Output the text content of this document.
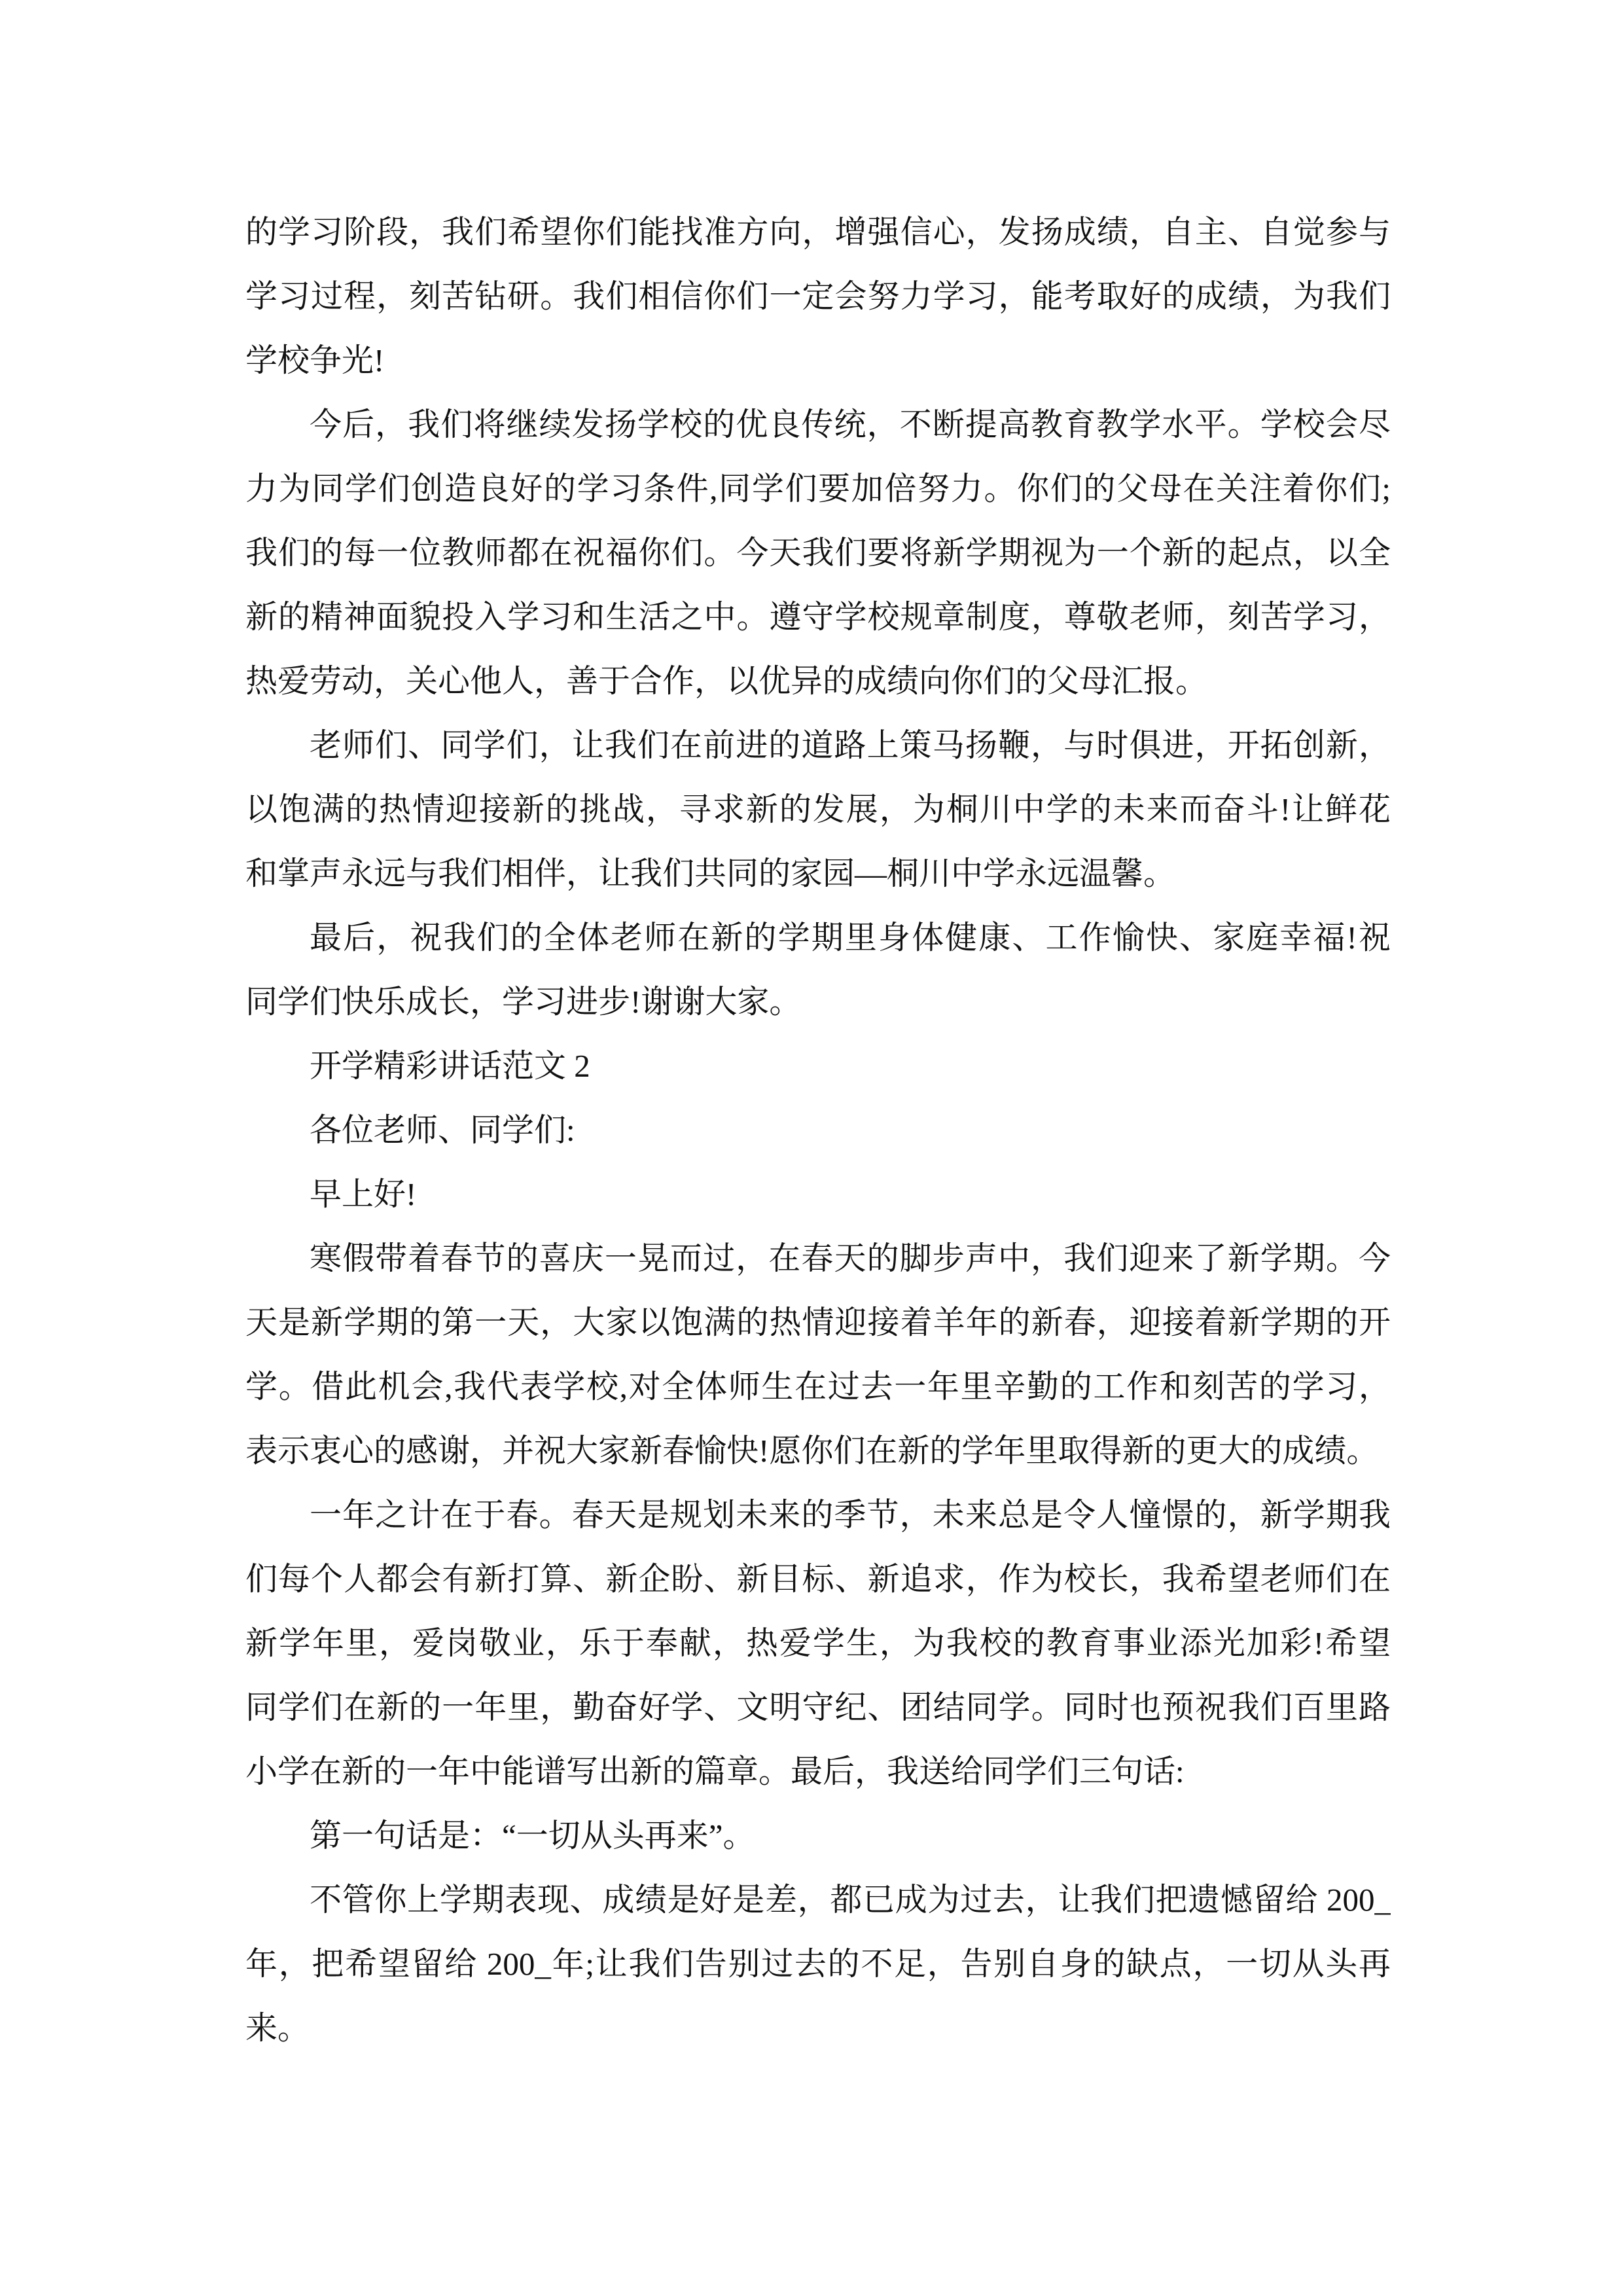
的学习阶段，我们希望你们能找准方向，增强信心，发扬成绩，自主、自觉参与
学习过程，刻苦钻研。我们相信你们一定会努力学习，能考取好的成绩，为我们
学校争光!
今后，我们将继续发扬学校的优良传统，不断提高教育教学水平。学校会尽
力为同学们创造良好的学习条件,同学们要加倍努力。你们的父母在关注着你们;
我们的每一位教师都在祝福你们。今天我们要将新学期视为一个新的起点，以全
新的精神面貌投入学习和生活之中。遵守学校规章制度，尊敬老师，刻苦学习，
热爱劳动，关心他人，善于合作，以优异的成绩向你们的父母汇报。
老师们、同学们，让我们在前进的道路上策马扬鞭，与时俱进，开拓创新，
以饱满的热情迎接新的挑战，寻求新的发展，为桐川中学的未来而奋斗!让鲜花
和掌声永远与我们相伴，让我们共同的家园—桐川中学永远温馨。
最后，祝我们的全体老师在新的学期里身体健康、工作愉快、家庭幸福!祝
同学们快乐成长，学习进步!谢谢大家。
开学精彩讲话范文 2
各位老师、同学们:
早上好!
寒假带着春节的喜庆一晃而过，在春天的脚步声中，我们迎来了新学期。今
天是新学期的第一天，大家以饱满的热情迎接着羊年的新春，迎接着新学期的开
学。借此机会,我代表学校,对全体师生在过去一年里辛勤的工作和刻苦的学习，
表示衷心的感谢，并祝大家新春愉快!愿你们在新的学年里取得新的更大的成绩。
一年之计在于春。春天是规划未来的季节，未来总是令人憧憬的，新学期我
们每个人都会有新打算、新企盼、新目标、新追求，作为校长，我希望老师们在
新学年里，爱岗敬业，乐于奉献，热爱学生，为我校的教育事业添光加彩!希望
同学们在新的一年里，勤奋好学、文明守纪、团结同学。同时也预祝我们百里路
小学在新的一年中能谱写出新的篇章。最后，我送给同学们三句话:
第一句话是：“一切从头再来”。
不管你上学期表现、成绩是好是差，都已成为过去，让我们把遗憾留给 200_
年，把希望留给 200_年;让我们告别过去的不足，告别自身的缺点，一切从头再
来。
